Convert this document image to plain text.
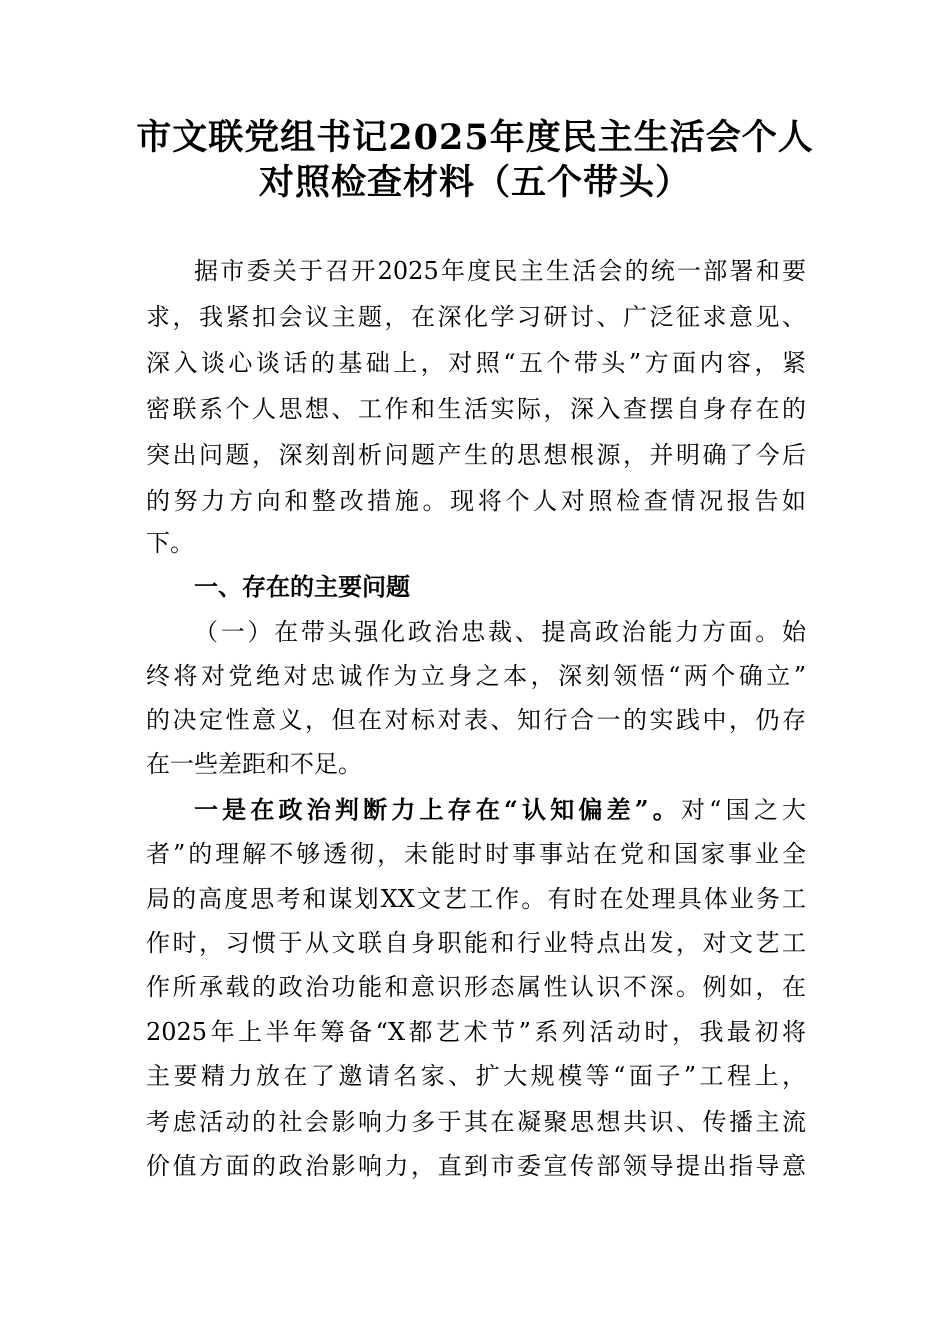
市文联党组书记2025年度民主生活会个人
对照检查材料（五个带头）
据市委关于召开2025年度民主生活会的统一部署和要
求，我紧扣会议主题，在深化学习研讨、广泛征求意见、
深入谈心谈话的基础上，对照“五个带头”方面内容，紧
密联系个人思想、工作和生活实际，深入查摆自身存在的
突出问题，深刻剖析问题产生的思想根源，并明确了今后
的努力方向和整改措施。现将个人对照检查情况报告如
下。
一、存在的主要问题
（一）在带头强化政治忠裁、提高政治能力方面。始
终将对党绝对忠诚作为立身之本，深刻领悟“两个确立”
的决定性意义，但在对标对表、知行合一的实践中，仍存
在一些差距和不足。
一是在政治判断力上存在“认知偏差”。对“国之大
者”的理解不够透彻，未能时时事事站在党和国家事业全
局的高度思考和谋划XX文艺工作。有时在处理具体业务工
作时，习惯于从文联自身职能和行业特点出发，对文艺工
作所承载的政治功能和意识形态属性认识不深。例如，在
2025年上半年筹备“X都艺术节”系列活动时，我最初将
主要精力放在了邀请名家、扩大规模等“面子”工程上，
考虑活动的社会影响力多于其在凝聚思想共识、传播主流
价值方面的政治影响力，直到市委宣传部领导提出指导意
